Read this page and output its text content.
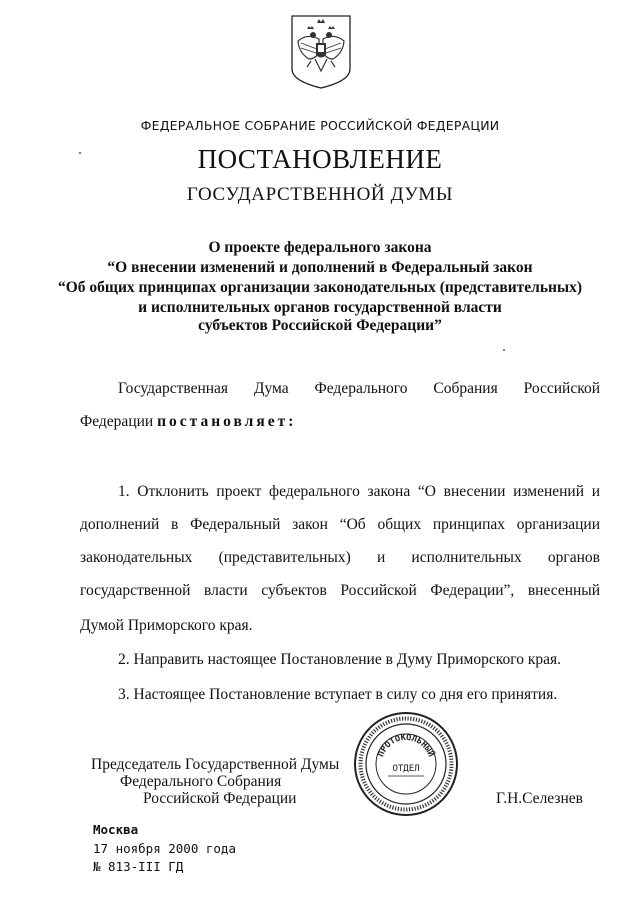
ФЕДЕРАЛЬНОЕ СОБРАНИЕ РОССИЙСКОЙ ФЕДЕРАЦИИ
ПОСТАНОВЛЕНИЕ
ГОСУДАРСТВЕННОЙ ДУМЫ
О проекте федерального закона
“О внесении изменений и дополнений в Федеральный закон
“Об общих принципах организации законодательных (представительных)
и исполнительных органов государственной власти
субъектов Российской Федерации”
Государственная Дума Федерального Собрания Российской
Федерации постановляет:
1. Отклонить проект федерального закона “О внесении изменений и
дополнений в Федеральный закон “Об общих принципах организации
законодательных (представительных) и исполнительных органов
государственной власти субъектов Российской Федерации”, внесенный
Думой Приморского края.
2. Направить настоящее Постановление в Думу Приморского края.
3. Настоящее Постановление вступает в силу со дня его принятия.
Председатель Государственной Думы
Федерального Собрания
Российской Федерации	Г.Н.Селезнев
ПРОТОКОЛЬНЫЙ
ОТДЕЛ
Москва
17 ноября 2000 года
№ 813-III ГД
